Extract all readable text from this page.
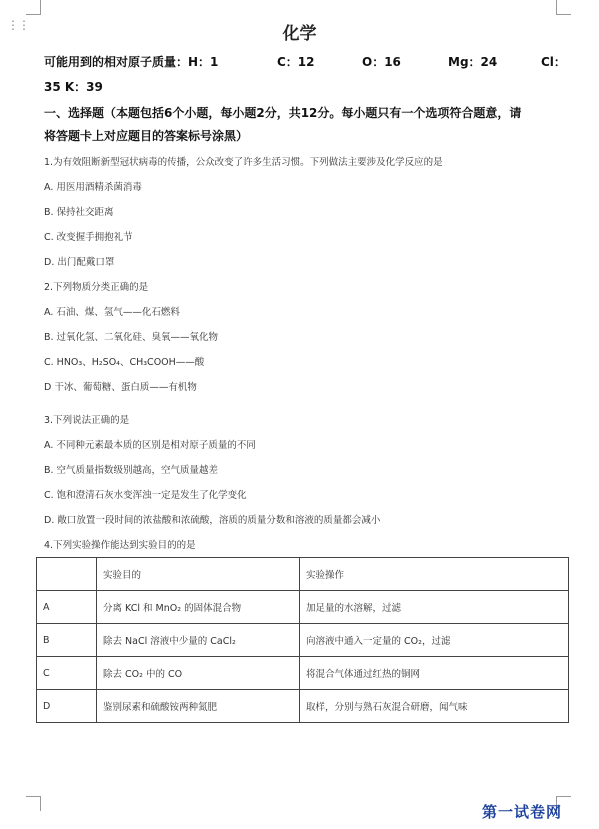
⋮⋮	化学
可能用到的相对原子质量：H：1	C：12	O：16	Mg：24	Cl：
35 K：39
一、选择题（本题包括6个小题，每小题2分，共12分。每小题只有一个选项符合题意，请
将答题卡上对应题目的答案标号涂黑）
1.为有效阻断新型冠状病毒的传播，公众改变了许多生活习惯。下列做法主要涉及化学反应的是
A. 用医用酒精杀菌消毒
B. 保持社交距离
C. 改变握手拥抱礼节
D. 出门配戴口罩
2.下列物质分类正确的是
A. 石油、煤、氢气——化石燃料
B. 过氧化氢、二氧化硅、臭氧——氧化物
C. HNO₃、H₂SO₄、CH₃COOH——酸
D 干冰、葡萄糖、蛋白质——有机物
3.下列说法正确的是
A. 不同种元素最本质的区别是相对原子质量的不同
B. 空气质量指数级别越高，空气质量越差
C. 饱和澄清石灰水变浑浊一定是发生了化学变化
D. 敞口放置一段时间的浓盐酸和浓硫酸，溶质的质量分数和溶液的质量都会减小
4.下列实验操作能达到实验目的的是
	实验目的	实验操作
A	分离 KCl 和 MnO₂ 的固体混合物	加足量的水溶解，过滤
B	除去 NaCl 溶液中少量的 CaCl₂	向溶液中通入一定量的 CO₂，过滤
C	除去 CO₂ 中的 CO	将混合气体通过红热的铜网
D	鉴别尿素和硫酸铵两种氮肥	取样，分别与熟石灰混合研磨，闻气味
第一试卷网
